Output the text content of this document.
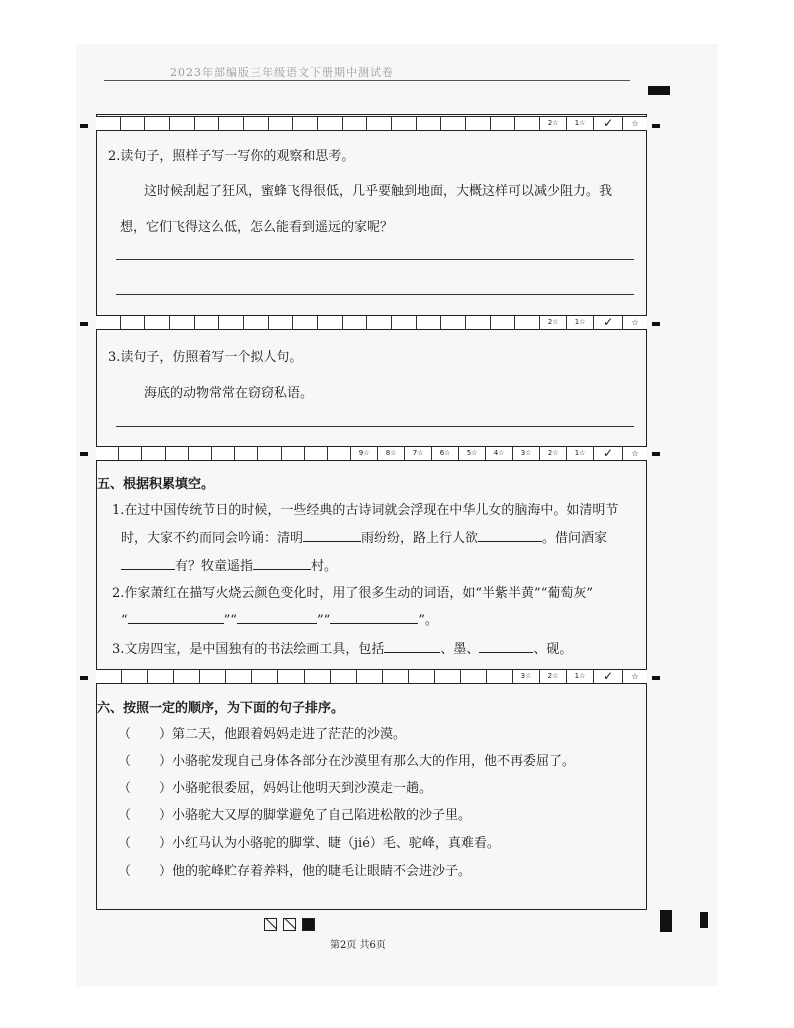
2023年部编版三年级语文下册期中测试卷
2☆	1☆	✓	☆
2.读句子，照样子写一写你的观察和思考。
这时候刮起了狂风，蜜蜂飞得很低，几乎要触到地面，大概这样可以减少阻力。我
想，它们飞得这么低，怎么能看到遥远的家呢？
2☆	1☆	✓	☆
3.读句子，仿照着写一个拟人句。
海底的动物常常在窃窃私语。
9☆	8☆	7☆	6☆	5☆	4☆	3☆	2☆	1☆	✓	☆
五、根据积累填空。
1.在过中国传统节日的时候，一些经典的古诗词就会浮现在中华儿女的脑海中。如清明节
时，大家不约而同会吟诵：清明	雨纷纷，路上行人欲	。借问酒家
有？牧童遥指	村。
2.作家萧红在描写火烧云颜色变化时，用了很多生动的词语，如“半紫半黄”“葡萄灰”
“	”“	”“	”。
3.文房四宝，是中国独有的书法绘画工具，包括	、墨、	、砚。
3☆	2☆	1☆	✓	☆
六、按照一定的顺序，为下面的句子排序。
（ ）第二天，他跟着妈妈走进了茫茫的沙漠。
（ ）小骆驼发现自己身体各部分在沙漠里有那么大的作用，他不再委屈了。
（ ）小骆驼很委屈，妈妈让他明天到沙漠走一趟。
（ ）小骆驼大又厚的脚掌避免了自己陷进松散的沙子里。
（ ）小红马认为小骆驼的脚掌、睫（jié）毛、驼峰，真难看。
（ ）他的驼峰贮存着养料，他的睫毛让眼睛不会进沙子。
第2页 共6页
